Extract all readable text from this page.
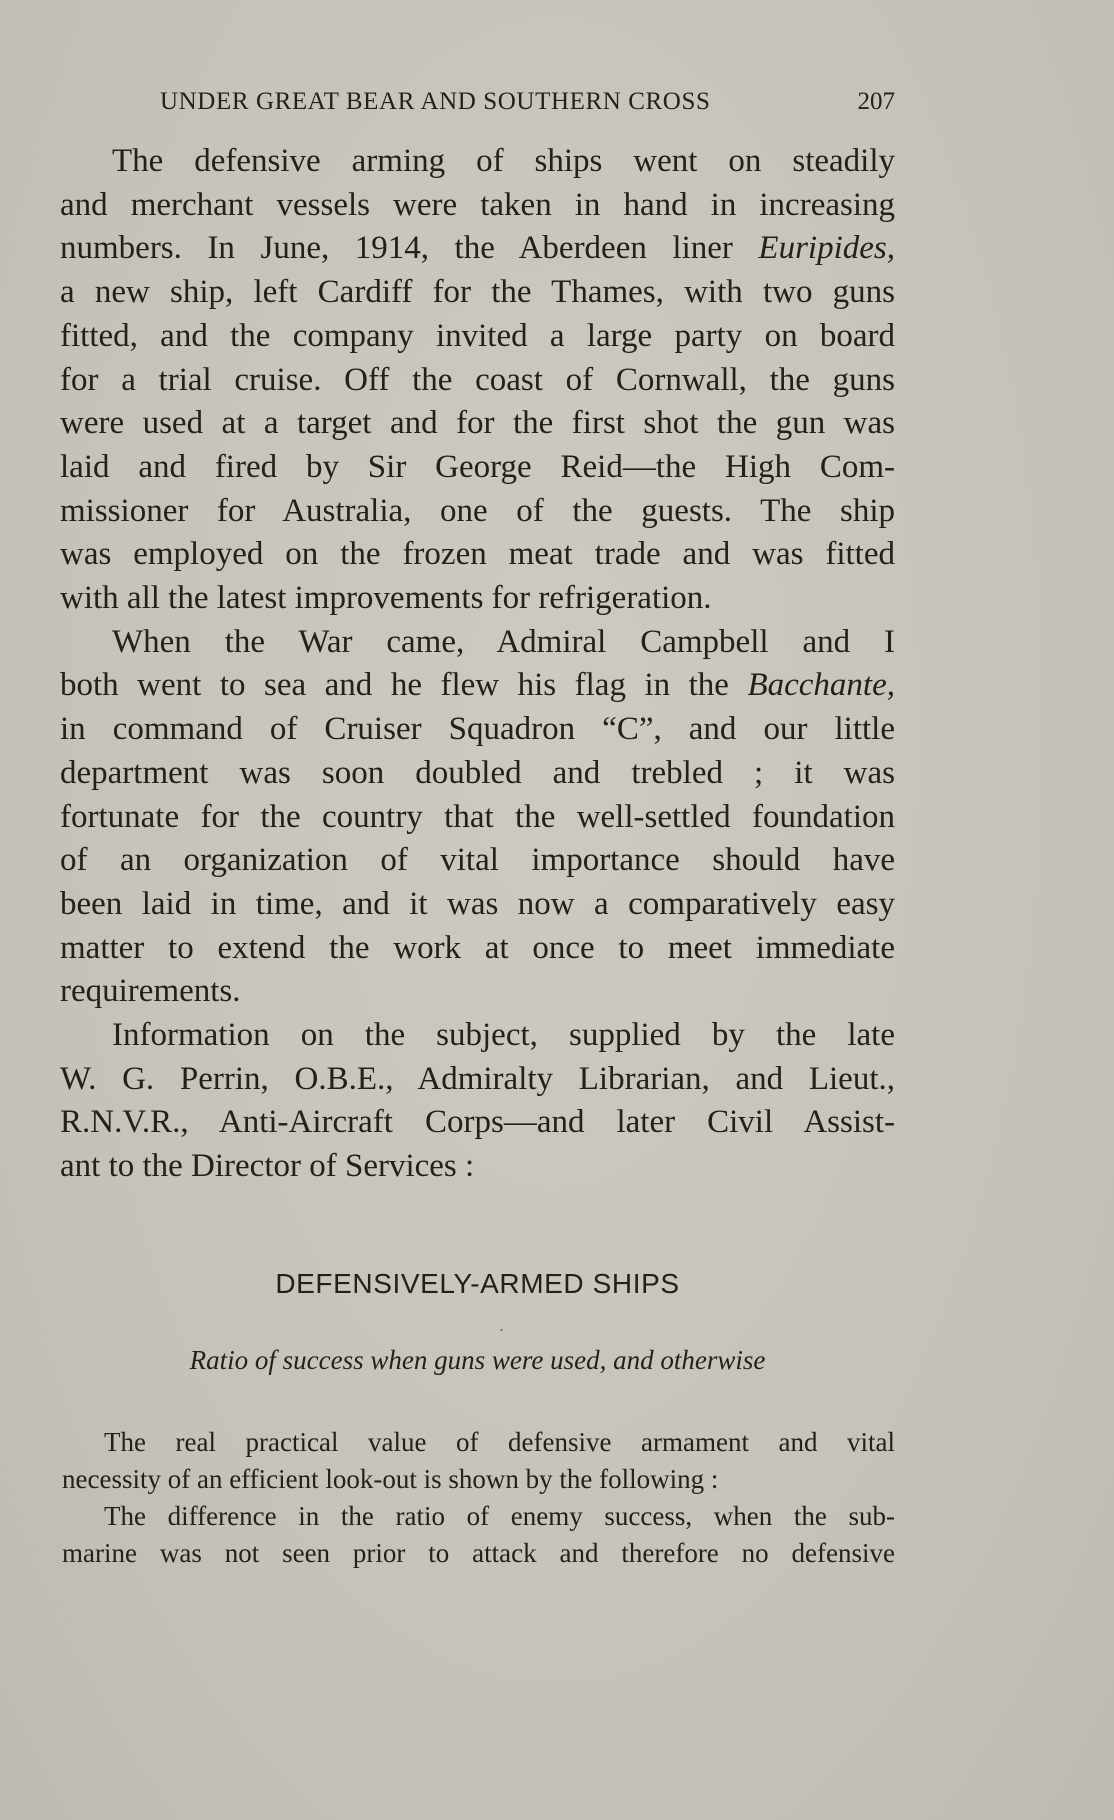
UNDER GREAT BEAR AND SOUTHERN CROSS	207

The defensive arming of ships went on steadily
and merchant vessels were taken in hand in increasing
numbers. In June, 1914, the Aberdeen liner Euripides,
a new ship, left Cardiff for the Thames, with two guns
fitted, and the company invited a large party on board
for a trial cruise. Off the coast of Cornwall, the guns
were used at a target and for the first shot the gun was
laid and fired by Sir George Reid—the High Com-
missioner for Australia, one of the guests. The ship
was employed on the frozen meat trade and was fitted
with all the latest improvements for refrigeration.

When the War came, Admiral Campbell and I
both went to sea and he flew his flag in the Bacchante,
in command of Cruiser Squadron “C”, and our little
department was soon doubled and trebled ; it was
fortunate for the country that the well-settled foundation
of an organization of vital importance should have
been laid in time, and it was now a comparatively easy
matter to extend the work at once to meet immediate
requirements.

Information on the subject, supplied by the late
W. G. Perrin, O.B.E., Admiralty Librarian, and Lieut.,
R.N.V.R., Anti-Aircraft Corps—and later Civil Assist-
ant to the Director of Services :

DEFENSIVELY-ARMED SHIPS
Ratio of success when guns were used, and otherwise

The real practical value of defensive armament and vital
necessity of an efficient look-out is shown by the following :

The difference in the ratio of enemy success, when the sub-
marine was not seen prior to attack and therefore no defensive
